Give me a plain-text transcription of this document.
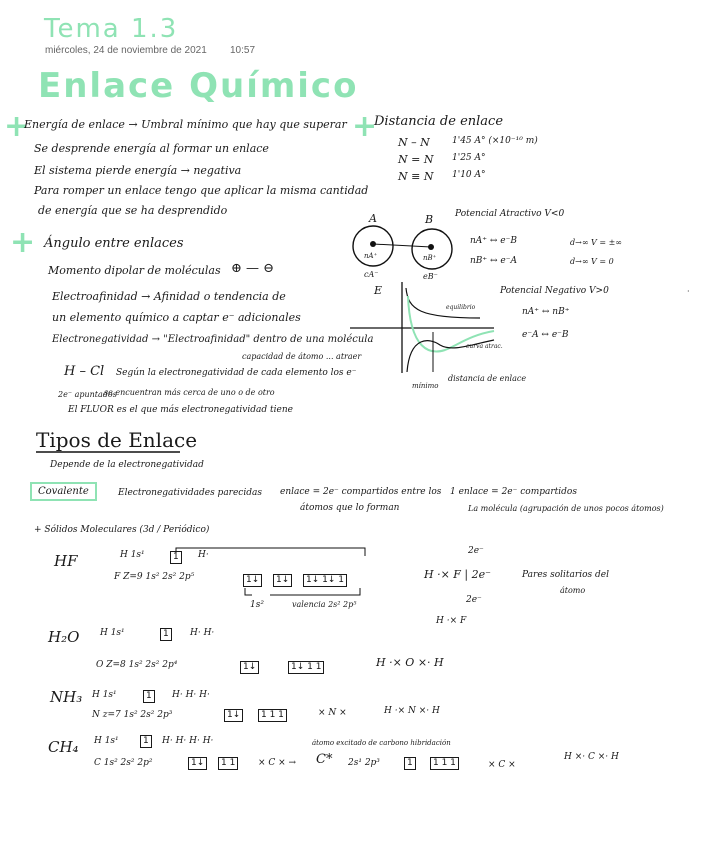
Tema 1.3
miércoles, 24 de noviembre de 2021 10:57
Enlace Químico
+
Energía de enlace → Umbral mínimo que hay que superar
Se desprende energía al formar un enlace
El sistema pierde energía → negativa
Para romper un enlace tengo que aplicar la misma cantidad
de energía que se ha desprendido
+ Ángulo entre enlaces
Momento dipolar de moléculas ⊕ — ⊖
Electroafinidad → Afinidad o tendencia de
un elemento químico a captar e⁻ adicionales
Electronegatividad → "Electroafinidad" dentro de una molécula
capacidad de átomo ... atraer
H – Cl Según la electronegatividad de cada elemento los e⁻
2e⁻ apuntados
se encuentran más cerca de uno o de otro
El FLUOR es el que más electronegatividad tiene
+
Distancia de enlace
N – N 1'45 A° (×10⁻¹⁰ m)
N = N 1'25 A°
N ≡ N 1'10 A°
A	B
nA⁺	nB⁺
cA⁻	eB⁻
Potencial Atractivo V<0
nA⁺ ↔ e⁻B	d→∞ V = ±∞
nB⁺ ↔ e⁻A	d→∞ V = 0
Potencial Negativo V>0
nA⁺ ↔ nB⁺
e⁻A ↔ e⁻B
·
E
equilibrio
curva atrac.
distancia de enlace
mínimo
Tipos de Enlace
Depende de la electronegatividad
Covalente	Electronegatividades parecidas enlace = 2e⁻ compartidos entre los
átomos que lo forman
1 enlace = 2e⁻ compartidos
La molécula (agrupación de unos pocos átomos)
+ Sólidos Moleculares (3d / Periódico)
HF	H 1s¹	1	H·
F Z=9 1s² 2s² 2p⁵	1↓	1↓	1↓ 1↓ 1
1s²	valencia 2s² 2p⁵
2e⁻
H ·× F | 2e⁻
2e⁻
Pares solitarios del
átomo
H ·× F
H₂O H 1s¹	1	H· H·
O Z=8 1s² 2s² 2p⁴	1↓	1↓ 1 1	H ·× O ×· H
NH₃ H 1s¹	1	H· H· H·
N z=7 1s² 2s² 2p³	1↓	1 1 1	× N ×	H ·× N ×· H
CH₄ H 1s¹	1	H· H· H· H·	átomo excitado de carbono hibridación
C 1s² 2s² 2p²	1↓	1 1	× C × → C* 2s¹ 2p³	1	1 1 1	× C ×
H ×· C ×· H
